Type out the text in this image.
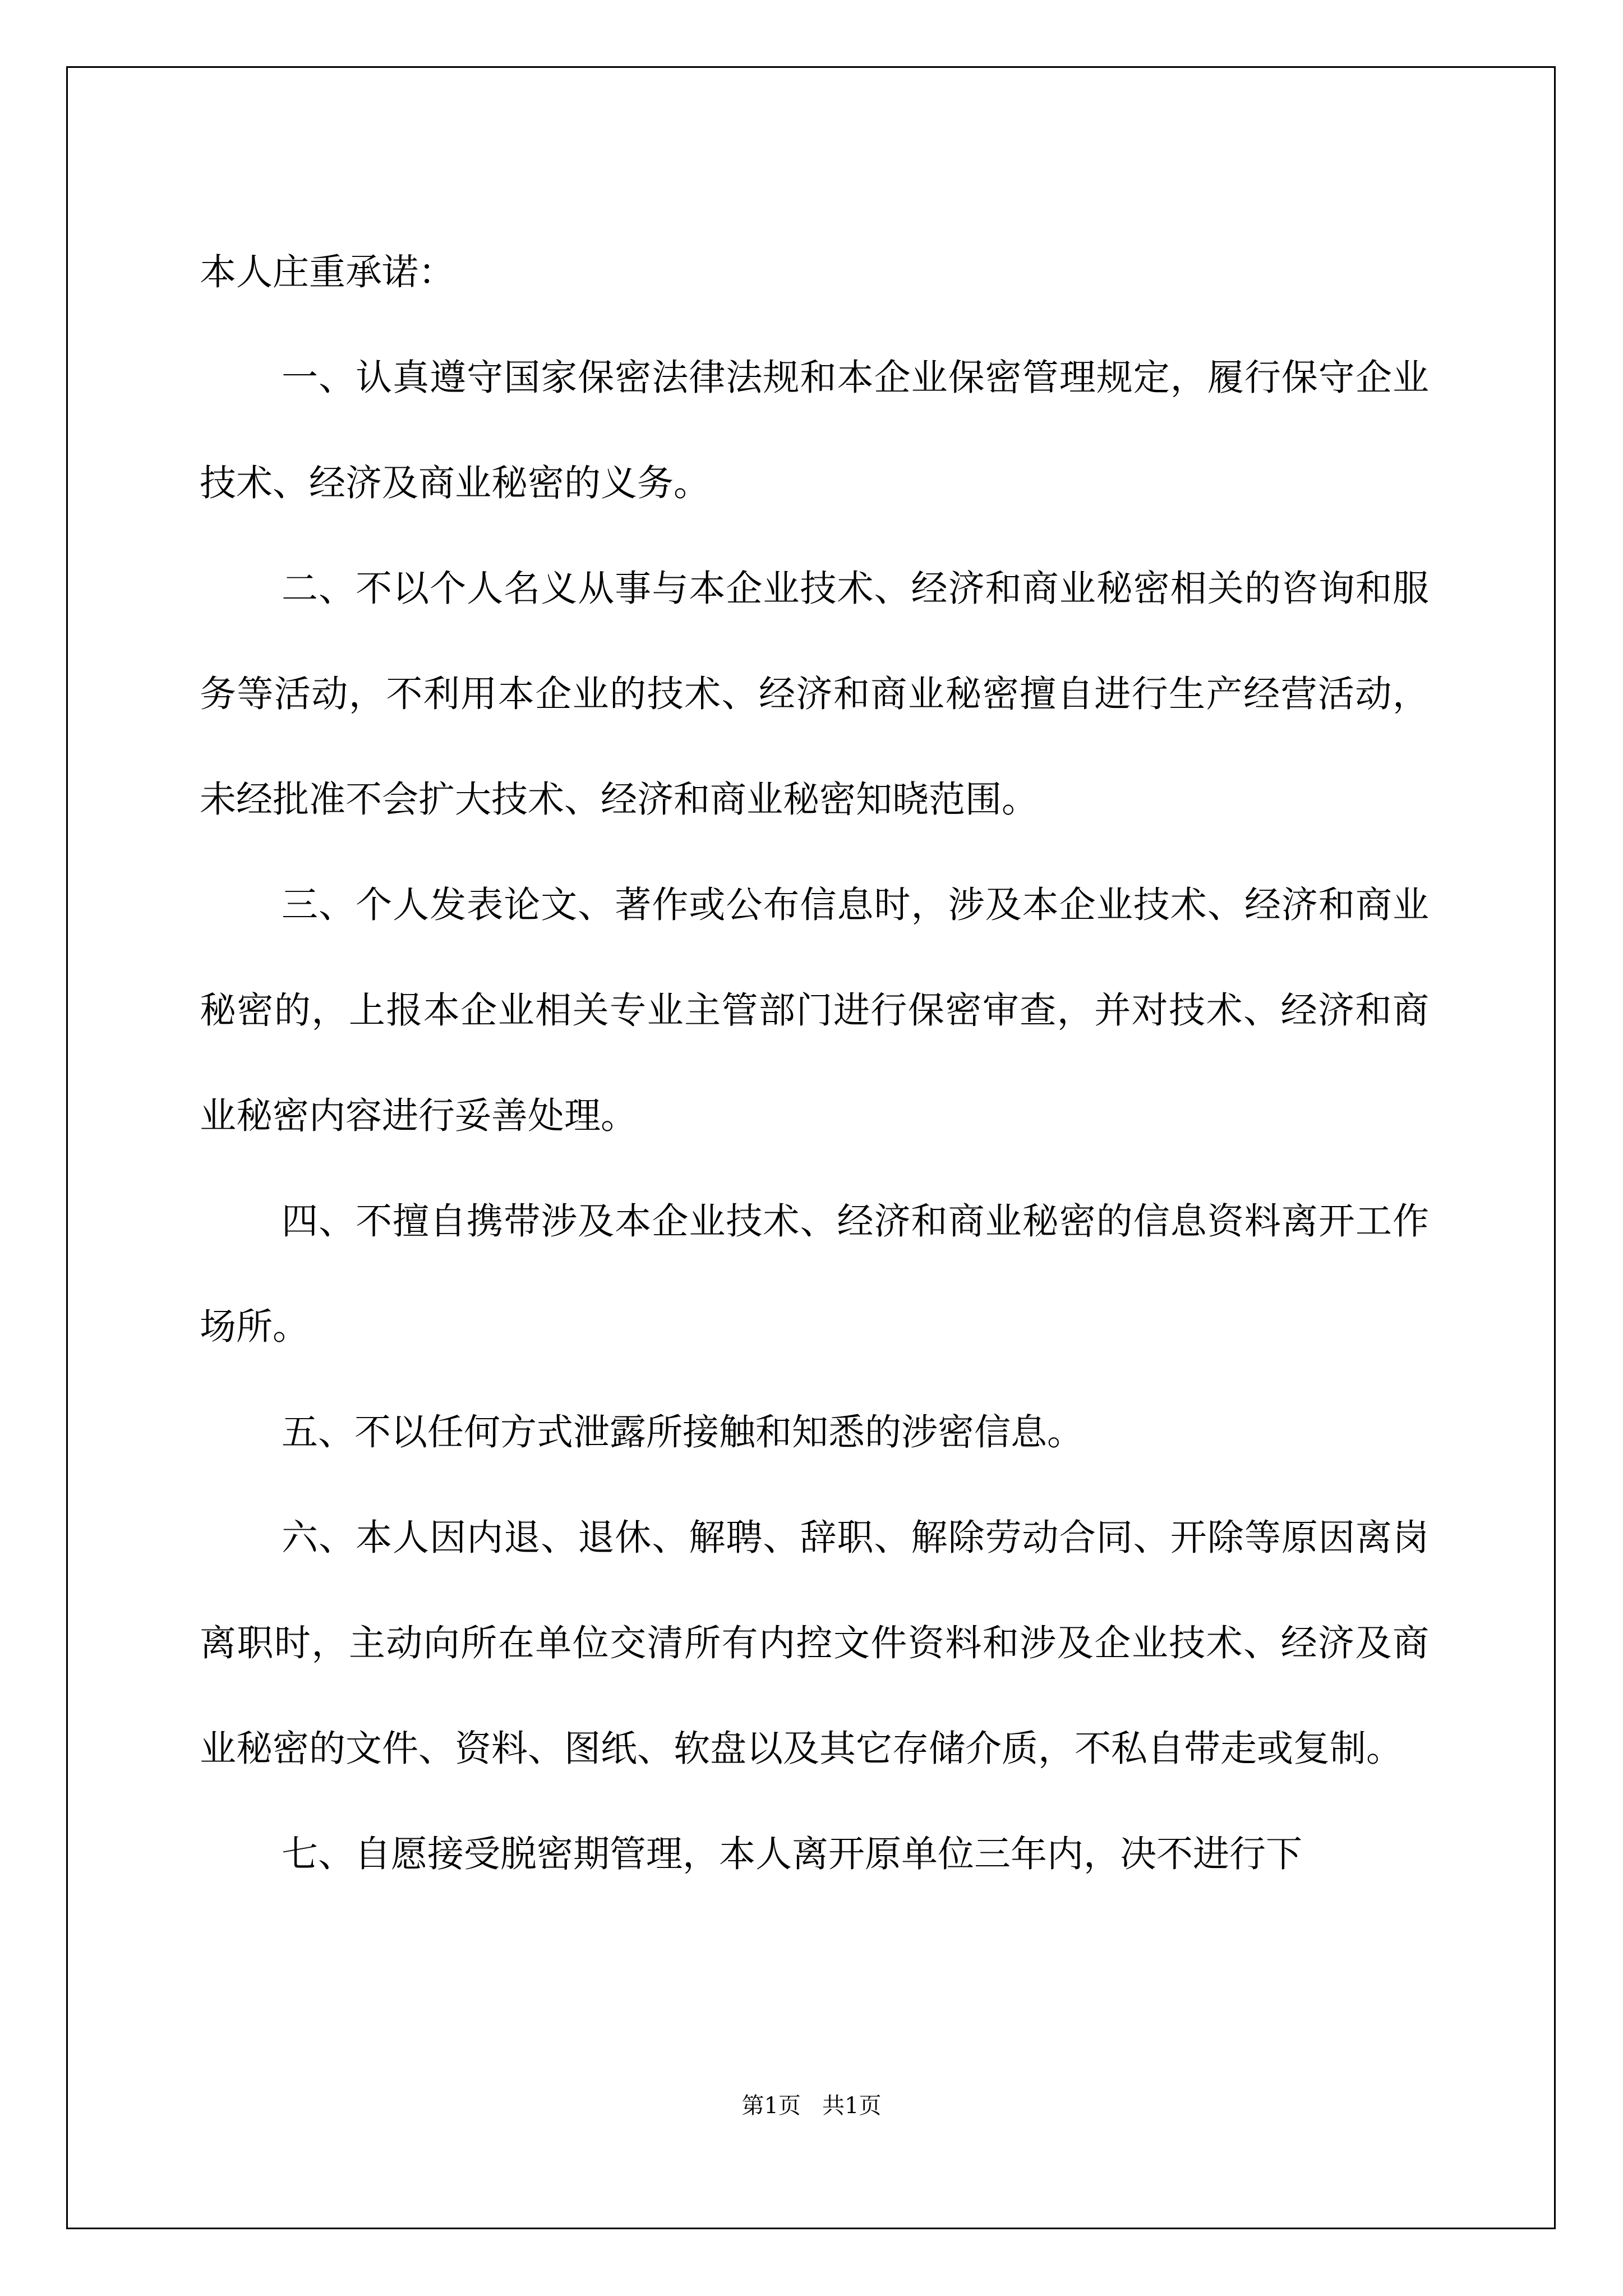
本人庄重承诺：

一、认真遵守国家保密法律法规和本企业保密管理规定，履行保守企业技术、经济及商业秘密的义务。

二、不以个人名义从事与本企业技术、经济和商业秘密相关的咨询和服务等活动，不利用本企业的技术、经济和商业秘密擅自进行生产经营活动，未经批准不会扩大技术、经济和商业秘密知晓范围。

三、个人发表论文、著作或公布信息时，涉及本企业技术、经济和商业秘密的，上报本企业相关专业主管部门进行保密审查，并对技术、经济和商业秘密内容进行妥善处理。

四、不擅自携带涉及本企业技术、经济和商业秘密的信息资料离开工作场所。

五、不以任何方式泄露所接触和知悉的涉密信息。

六、本人因内退、退休、解聘、辞职、解除劳动合同、开除等原因离岗离职时，主动向所在单位交清所有内控文件资料和涉及企业技术、经济及商业秘密的文件、资料、图纸、软盘以及其它存储介质，不私自带走或复制。

七、自愿接受脱密期管理，本人离开原单位三年内，决不进行下

第1页   共1页
